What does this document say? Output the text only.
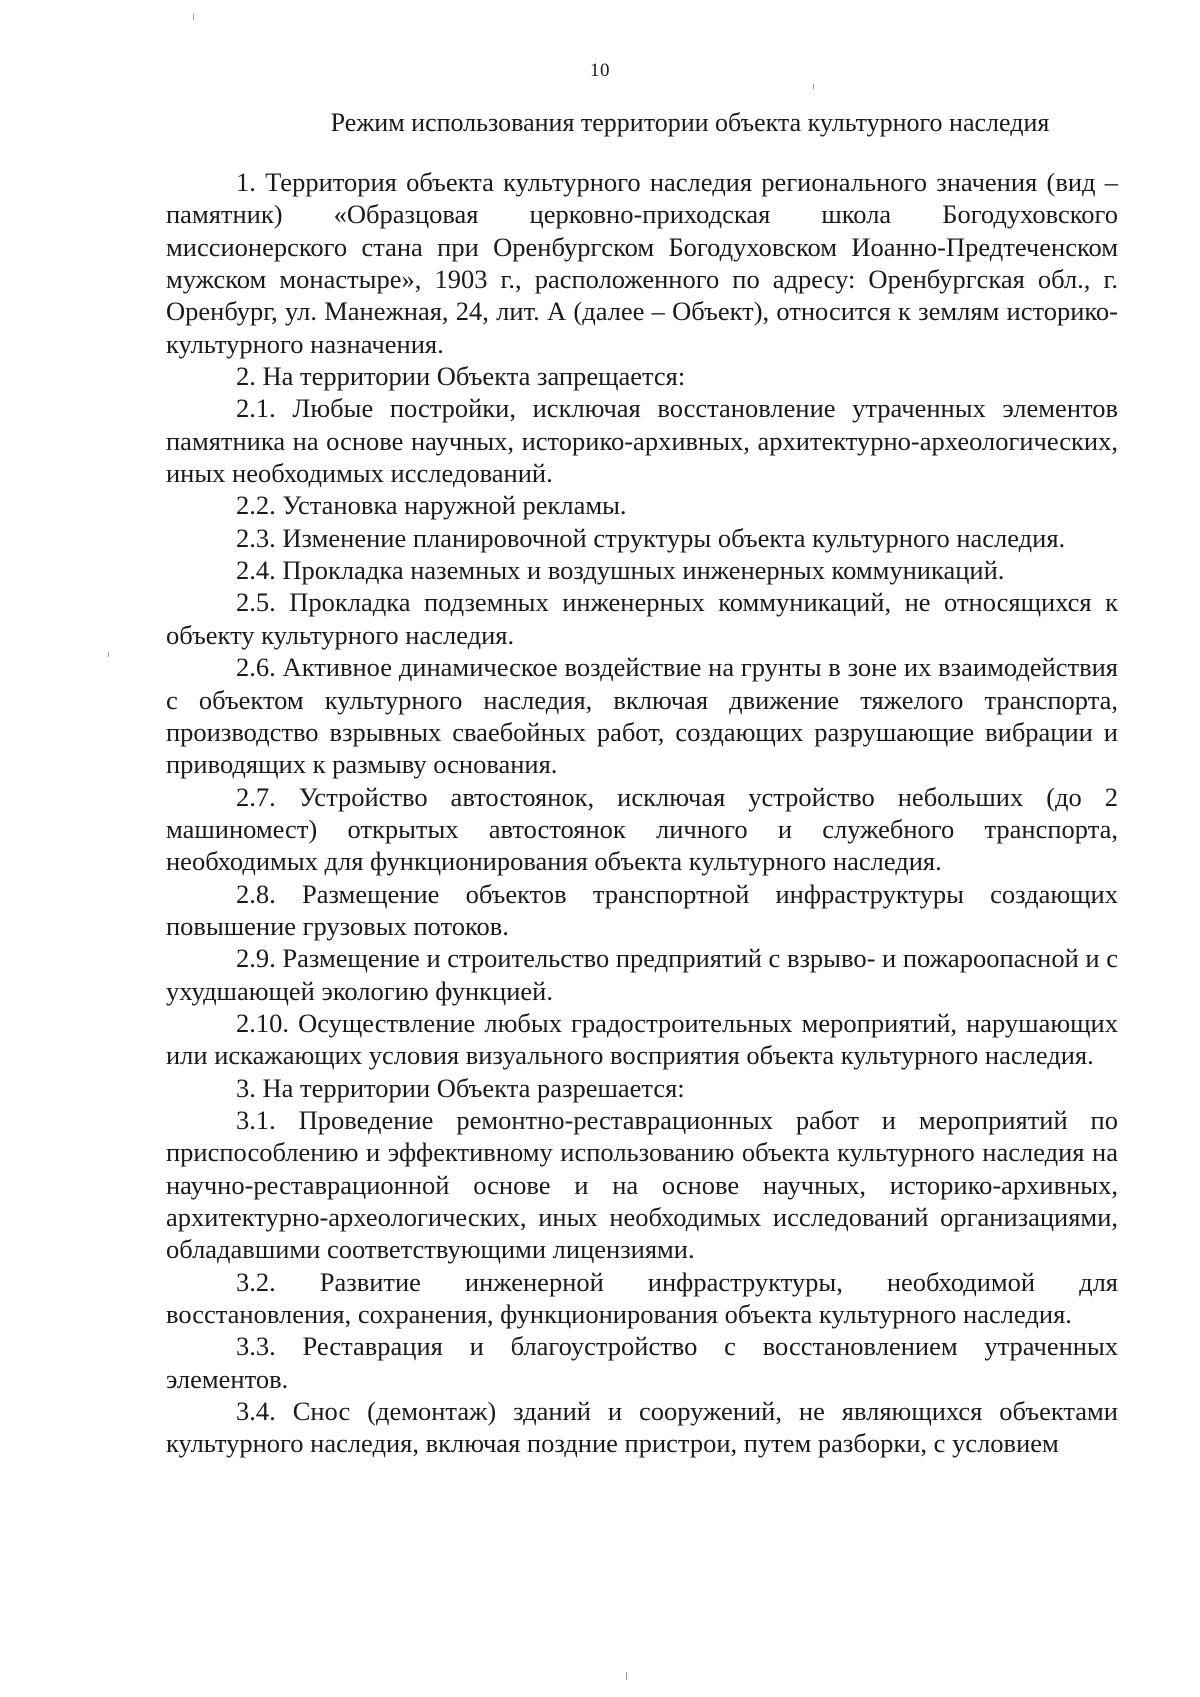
10
Режим использования территории объекта культурного наследия

1. Территория объекта культурного наследия регионального значения (вид – памятник) «Образцовая церковно-приходская школа Богодуховского миссионерского стана при Оренбургском Богодуховском Иоанно-Предтеченском мужском монастыре», 1903 г., расположенного по адресу: Оренбургская обл., г. Оренбург, ул. Манежная, 24, лит. А (далее – Объект), относится к землям историко-культурного назначения.

2. На территории Объекта запрещается:

2.1. Любые постройки, исключая восстановление утраченных элементов памятника на основе научных, историко-архивных, архитектурно-археологических, иных необходимых исследований.

2.2. Установка наружной рекламы.

2.3. Изменение планировочной структуры объекта культурного наследия.

2.4. Прокладка наземных и воздушных инженерных коммуникаций.

2.5. Прокладка подземных инженерных коммуникаций, не относящихся к объекту культурного наследия.

2.6. Активное динамическое воздействие на грунты в зоне их взаимодействия с объектом культурного наследия, включая движение тяжелого транспорта, производство взрывных сваебойных работ, создающих разрушающие вибрации и приводящих к размыву основания.

2.7. Устройство автостоянок, исключая устройство небольших (до 2 машиномест) открытых автостоянок личного и служебного транспорта, необходимых для функционирования объекта культурного наследия.

2.8. Размещение объектов транспортной инфраструктуры создающих повышение грузовых потоков.

2.9. Размещение и строительство предприятий с взрыво- и пожароопасной и с ухудшающей экологию функцией.

2.10. Осуществление любых градостроительных мероприятий, нарушающих или искажающих условия визуального восприятия объекта культурного наследия.

3. На территории Объекта разрешается:

3.1. Проведение ремонтно-реставрационных работ и мероприятий по приспособлению и эффективному использованию объекта культурного наследия на научно-реставрационной основе и на основе научных, историко-архивных, архитектурно-археологических, иных необходимых исследований организациями, обладавшими соответствующими лицензиями.

3.2. Развитие инженерной инфраструктуры, необходимой для восстановления, сохранения, функционирования объекта культурного наследия.

3.3. Реставрация и благоустройство с восстановлением утраченных элементов.

3.4. Снос (демонтаж) зданий и сооружений, не являющихся объектами культурного наследия, включая поздние пристрои, путем разборки, с условием
